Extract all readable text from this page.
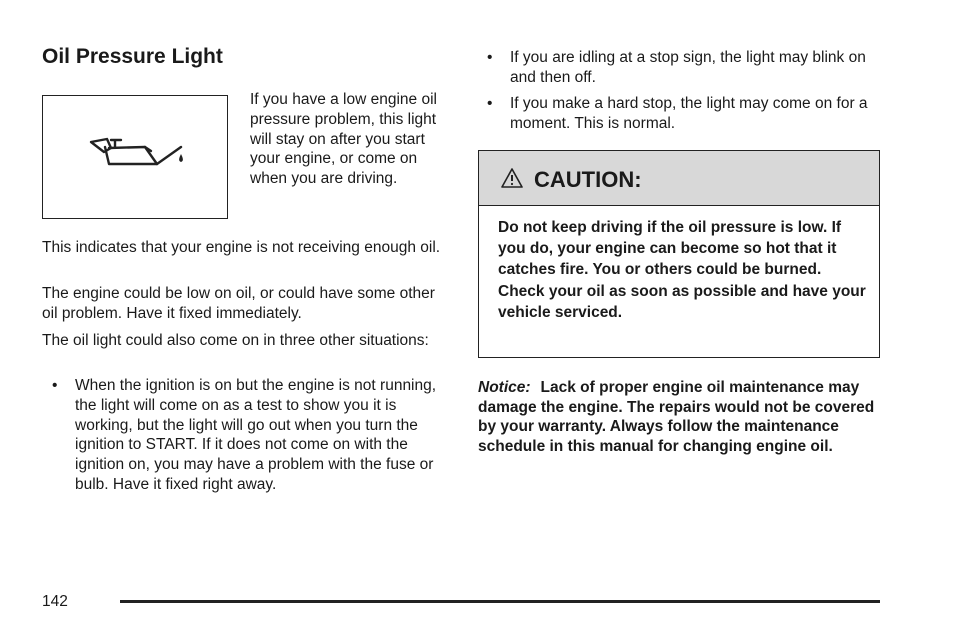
Oil Pressure Light
If you have a low engine oil pressure problem, this light will stay on after you start your engine, or come on when you are driving.
This indicates that your engine is not receiving enough oil.
The engine could be low on oil, or could have some other oil problem. Have it fixed immediately.
The oil light could also come on in three other situations:
• When the ignition is on but the engine is not running, the light will come on as a test to show you it is working, but the light will go out when you turn the ignition to START. If it does not come on with the ignition on, you may have a problem with the fuse or bulb. Have it fixed right away.
• If you are idling at a stop sign, the light may blink on and then off.
• If you make a hard stop, the light may come on for a moment. This is normal.
CAUTION:
Do not keep driving if the oil pressure is low. If you do, your engine can become so hot that it catches fire. You or others could be burned. Check your oil as soon as possible and have your vehicle serviced.
Notice: Lack of proper engine oil maintenance may damage the engine. The repairs would not be covered by your warranty. Always follow the maintenance schedule in this manual for changing engine oil.
142
